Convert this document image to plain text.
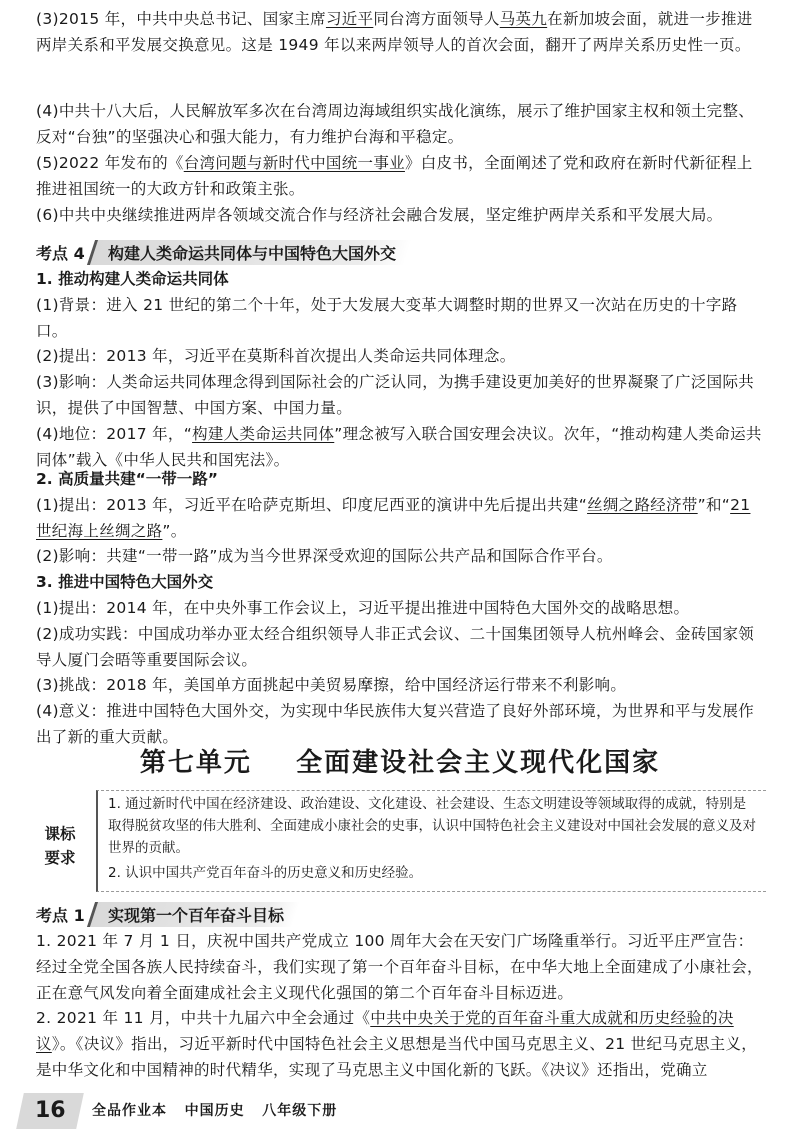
(3)2015 年，中共中央总书记、国家主席习近平同台湾方面领导人马英九在新加坡会面，就进一步推进两岸关系和平发展交换意见。这是 1949 年以来两岸领导人的首次会面，翻开了两岸关系历史性一页。
(4)中共十八大后，人民解放军多次在台湾周边海域组织实战化演练，展示了维护国家主权和领土完整、反对“台独”的坚强决心和强大能力，有力维护台海和平稳定。
(5)2022 年发布的《台湾问题与新时代中国统一事业》白皮书，全面阐述了党和政府在新时代新征程上推进祖国统一的大政方针和政策主张。
(6)中共中央继续推进两岸各领域交流合作与经济社会融合发展，坚定维护两岸关系和平发展大局。
考点 4	构建人类命运共同体与中国特色大国外交
1. 推动构建人类命运共同体
(1)背景：进入 21 世纪的第二个十年，处于大发展大变革大调整时期的世界又一次站在历史的十字路口。
(2)提出：2013 年，习近平在莫斯科首次提出人类命运共同体理念。
(3)影响：人类命运共同体理念得到国际社会的广泛认同，为携手建设更加美好的世界凝聚了广泛国际共识，提供了中国智慧、中国方案、中国力量。
(4)地位：2017 年，“构建人类命运共同体”理念被写入联合国安理会决议。次年，“推动构建人类命运共同体”载入《中华人民共和国宪法》。
2. 高质量共建“一带一路”
(1)提出：2013 年，习近平在哈萨克斯坦、印度尼西亚的演讲中先后提出共建“丝绸之路经济带”和“21 世纪海上丝绸之路”。
(2)影响：共建“一带一路”成为当今世界深受欢迎的国际公共产品和国际合作平台。
3. 推进中国特色大国外交
(1)提出：2014 年，在中央外事工作会议上，习近平提出推进中国特色大国外交的战略思想。
(2)成功实践：中国成功举办亚太经合组织领导人非正式会议、二十国集团领导人杭州峰会、金砖国家领导人厦门会晤等重要国际会议。
(3)挑战：2018 年，美国单方面挑起中美贸易摩擦，给中国经济运行带来不利影响。
(4)意义：推进中国特色大国外交，为实现中华民族伟大复兴营造了良好外部环境，为世界和平与发展作出了新的重大贡献。
第七单元    全面建设社会主义现代化国家
课标
要求
1. 通过新时代中国在经济建设、政治建设、文化建设、社会建设、生态文明建设等领域取得的成就，特别是取得脱贫攻坚的伟大胜利、全面建成小康社会的史事，认识中国特色社会主义建设对中国社会发展的意义及对世界的贡献。
2. 认识中国共产党百年奋斗的历史意义和历史经验。
考点 1	实现第一个百年奋斗目标
1. 2021 年 7 月 1 日，庆祝中国共产党成立 100 周年大会在天安门广场隆重举行。习近平庄严宣告：经过全党全国各族人民持续奋斗，我们实现了第一个百年奋斗目标，在中华大地上全面建成了小康社会，正在意气风发向着全面建成社会主义现代化强国的第二个百年奋斗目标迈进。
2. 2021 年 11 月，中共十九届六中全会通过《中共中央关于党的百年奋斗重大成就和历史经验的决议》。《决议》指出，习近平新时代中国特色社会主义思想是当代中国马克思主义、21 世纪马克思主义，是中华文化和中国精神的时代精华，实现了马克思主义中国化新的飞跃。《决议》还指出，党确立
16	全品作业本 中国历史 八年级下册
